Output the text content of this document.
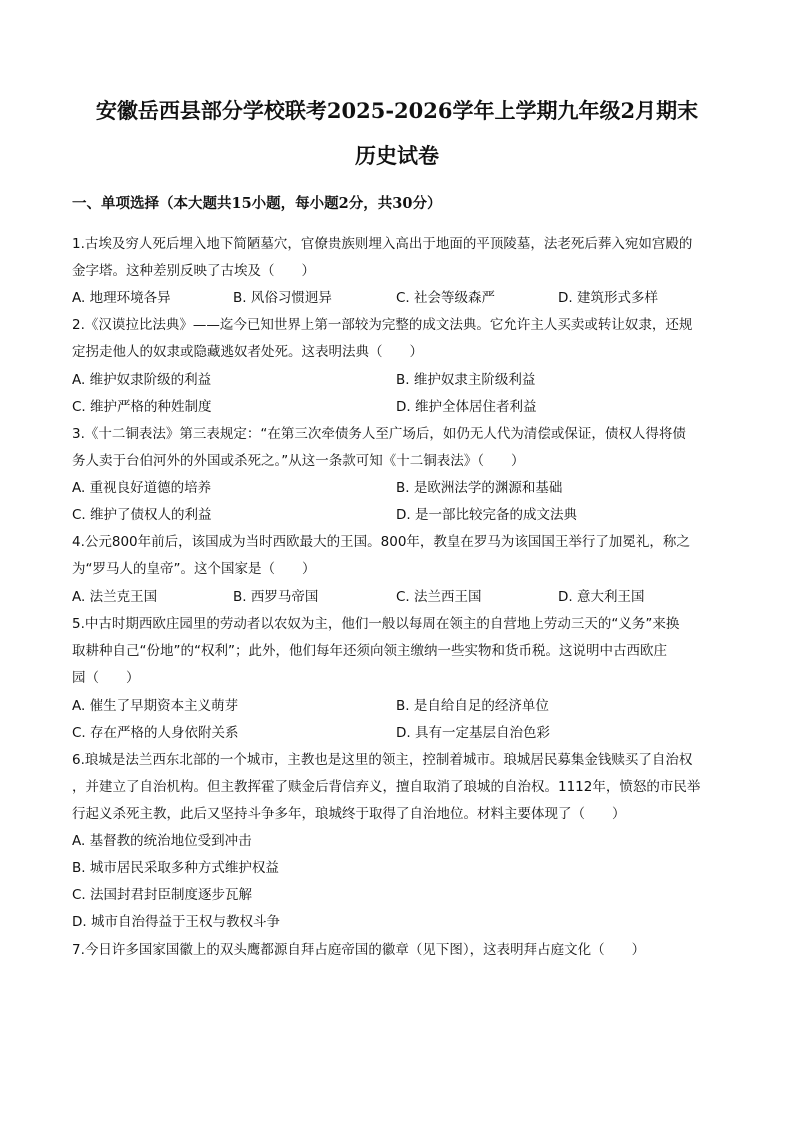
安徽岳西县部分学校联考2025-2026学年上学期九年级2月期末
历史试卷
一、单项选择（本大题共15小题，每小题2分，共30分）
1.古埃及穷人死后埋入地下简陋墓穴，官僚贵族则埋入高出于地面的平顶陵墓，法老死后葬入宛如宫殿的
金字塔。这种差别反映了古埃及（　　）
A. 地理环境各异	B. 风俗习惯迥异	C. 社会等级森严	D. 建筑形式多样
2.《汉谟拉比法典》——迄今已知世界上第一部较为完整的成文法典。它允许主人买卖或转让奴隶，还规
定拐走他人的奴隶或隐藏逃奴者处死。这表明法典（　　）
A. 维护奴隶阶级的利益	B. 维护奴隶主阶级利益
C. 维护严格的种姓制度	D. 维护全体居住者利益
3.《十二铜表法》第三表规定：“在第三次牵债务人至广场后，如仍无人代为清偿或保证，债权人得将债
务人卖于台伯河外的外国或杀死之。”从这一条款可知《十二铜表法》（　　）
A. 重视良好道德的培养	B. 是欧洲法学的渊源和基础
C. 维护了债权人的利益	D. 是一部比较完备的成文法典
4.公元800年前后，该国成为当时西欧最大的王国。800年，教皇在罗马为该国国王举行了加冕礼，称之
为“罗马人的皇帝”。这个国家是（　　）
A. 法兰克王国	B. 西罗马帝国	C. 法兰西王国	D. 意大利王国
5.中古时期西欧庄园里的劳动者以农奴为主，他们一般以每周在领主的自营地上劳动三天的“义务”来换
取耕种自己“份地”的“权利”；此外，他们每年还须向领主缴纳一些实物和货币税。这说明中古西欧庄
园（　　）
A. 催生了早期资本主义萌芽	B. 是自给自足的经济单位
C. 存在严格的人身依附关系	D. 具有一定基层自治色彩
6.琅城是法兰西东北部的一个城市，主教也是这里的领主，控制着城市。琅城居民募集金钱赎买了自治权
，并建立了自治机构。但主教挥霍了赎金后背信弃义，擅自取消了琅城的自治权。1112年，愤怒的市民举
行起义杀死主教，此后又坚持斗争多年，琅城终于取得了自治地位。材料主要体现了（　　）
A. 基督教的统治地位受到冲击
B. 城市居民采取多种方式维护权益
C. 法国封君封臣制度逐步瓦解
D. 城市自治得益于王权与教权斗争
7.今日许多国家国徽上的双头鹰都源自拜占庭帝国的徽章（见下图），这表明拜占庭文化（　　）
